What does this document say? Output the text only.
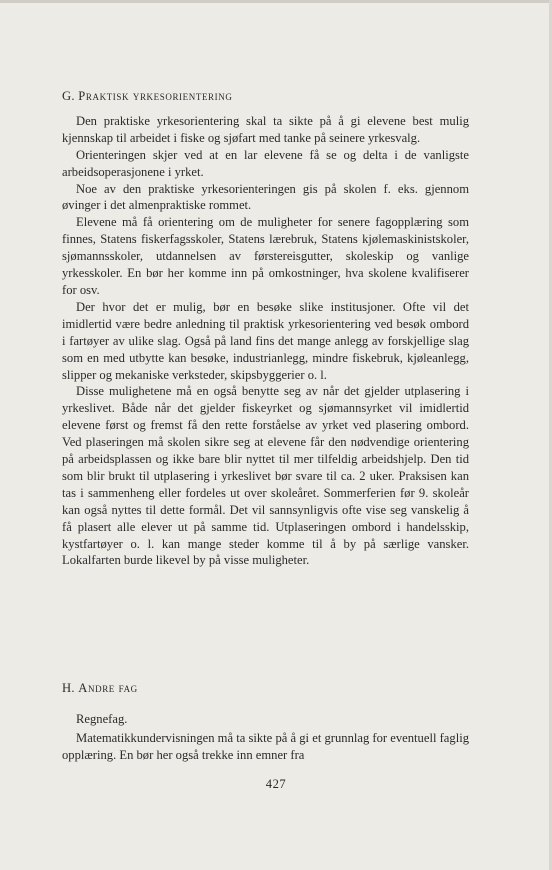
G. Praktisk yrkesorientering

Den praktiske yrkesorientering skal ta sikte på å gi elevene best mulig kjennskap til arbeidet i fiske og sjøfart med tanke på seinere yrkesvalg.

Orienteringen skjer ved at en lar elevene få se og delta i de vanligste arbeidsoperasjonene i yrket.

Noe av den praktiske yrkesorienteringen gis på skolen f. eks. gjennom øvinger i det almenpraktiske rommet.

Elevene må få orientering om de muligheter for senere fagopplæring som finnes, Statens fiskerfagsskoler, Statens lærebruk, Statens kjølemaskinistskoler, sjømannsskoler, utdannelsen av førstereisgutter, skoleskip og vanlige yrkesskoler. En bør her komme inn på omkostninger, hva skolene kvalifiserer for osv.

Der hvor det er mulig, bør en besøke slike institusjoner. Ofte vil det imidlertid være bedre anledning til praktisk yrkesorientering ved besøk ombord i fartøyer av ulike slag. Også på land fins det mange anlegg av forskjellige slag som en med utbytte kan besøke, industrianlegg, mindre fiskebruk, kjøleanlegg, slipper og mekaniske verksteder, skipsbyggerier o. l.

Disse mulighetene må en også benytte seg av når det gjelder utplasering i yrkeslivet. Både når det gjelder fiskeyrket og sjømannsyrket vil imidlertid elevene først og fremst få den rette forståelse av yrket ved plasering ombord. Ved plaseringen må skolen sikre seg at elevene får den nødvendige orientering på arbeidsplassen og ikke bare blir nyttet til mer tilfeldig arbeidshjelp. Den tid som blir brukt til utplasering i yrkeslivet bør svare til ca. 2 uker. Praksisen kan tas i sammenheng eller fordeles ut over skoleåret. Sommerferien før 9. skoleår kan også nyttes til dette formål. Det vil sannsynligvis ofte vise seg vanskelig å få plasert alle elever ut på samme tid. Utplaseringen ombord i handelsskip, kystfartøyer o. l. kan mange steder komme til å by på særlige vansker. Lokalfarten burde likevel by på visse muligheter.

H. Andre fag

Regnefag.

Matematikkundervisningen må ta sikte på å gi et grunnlag for eventuell faglig opplæring. En bør her også trekke inn emner fra

427
